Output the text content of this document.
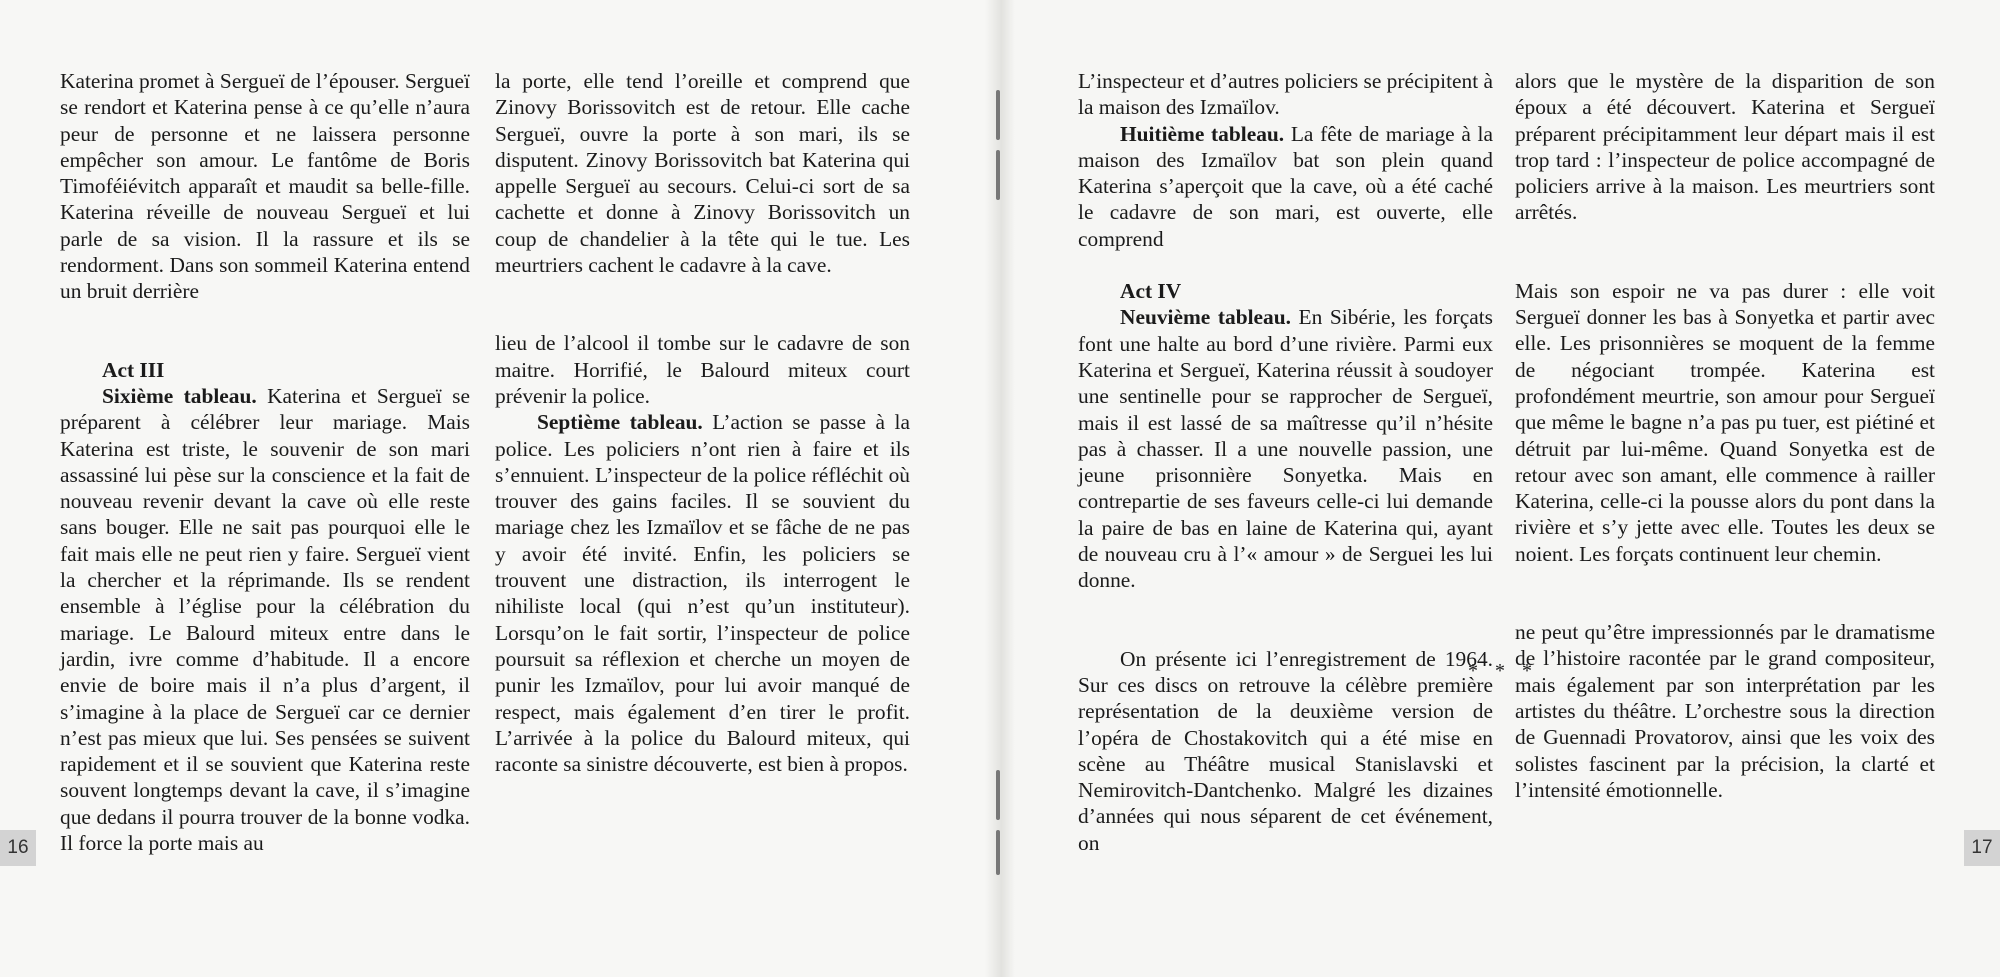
Katerina promet à Sergueï de l’épouser. Sergueï se rendort et Katerina pense à ce qu’elle n’aura peur de personne et ne laissera personne empêcher son amour. Le fantôme de Boris Timoféiévitch apparaît et maudit sa belle-fille. Katerina réveille de nouveau Sergueï et lui parle de sa vision. Il la rassure et ils se rendorment. Dans son sommeil Katerina entend un bruit derrière

Act III

Sixième tableau. Katerina et Sergueï se préparent à célébrer leur mariage. Mais Katerina est triste, le souvenir de son mari assassiné lui pèse sur la conscience et la fait de nouveau revenir devant la cave où elle reste sans bouger. Elle ne sait pas pourquoi elle le fait mais elle ne peut rien y faire. Sergueï vient la chercher et la réprimande. Ils se rendent ensemble à l’église pour la célébration du mariage. Le Balourd miteux entre dans le jardin, ivre comme d’habitude. Il a encore envie de boire mais il n’a plus d’argent, il s’imagine à la place de Sergueï car ce dernier n’est pas mieux que lui. Ses pensées se suivent rapidement et il se souvient que Katerina reste souvent longtemps devant la cave, il s’imagine que dedans il pourra trouver de la bonne vodka. Il force la porte mais au

la porte, elle tend l’oreille et comprend que Zinovy Borissovitch est de retour. Elle cache Sergueï, ouvre la porte à son mari, ils se disputent. Zinovy Borissovitch bat Katerina qui appelle Sergueï au secours. Celui-ci sort de sa cachette et donne à Zinovy Borissovitch un coup de chandelier à la tête qui le tue. Les meurtriers cachent le cadavre à la cave.

lieu de l’alcool il tombe sur le cadavre de son maitre. Horrifié, le Balourd miteux court prévenir la police.

Septième tableau. L’action se passe à la police. Les policiers n’ont rien à faire et ils s’ennuient. L’inspecteur de la police réfléchit où trouver des gains faciles. Il se souvient du mariage chez les Izmaïlov et se fâche de ne pas y avoir été invité. Enfin, les policiers se trouvent une distraction, ils interrogent le nihiliste local (qui n’est qu’un instituteur). Lorsqu’on le fait sortir, l’inspecteur de police poursuit sa réflexion et cherche un moyen de punir les Izmaïlov, pour lui avoir manqué de respect, mais également d’en tirer le profit. L’arrivée à la police du Balourd miteux, qui raconte sa sinistre découverte, est bien à propos.

16

L’inspecteur et d’autres policiers se précipitent à la maison des Izmaïlov.

Huitième tableau. La fête de mariage à la maison des Izmaïlov bat son plein quand Katerina s’aperçoit que la cave, où a été caché le cadavre de son mari, est ouverte, elle comprend

Act IV

Neuvième tableau. En Sibérie, les forçats font une halte au bord d’une rivière. Parmi eux Katerina et Sergueï, Katerina réussit à soudoyer une sentinelle pour se rapprocher de Sergueï, mais il est lassé de sa maîtresse qu’il n’hésite pas à chasser. Il a une nouvelle passion, une jeune prisonnière Sonyetka. Mais en contrepartie de ses faveurs celle-ci lui demande la paire de bas en laine de Katerina qui, ayant de nouveau cru à l’« amour » de Serguei les lui donne.

On présente ici l’enregistrement de 1964. Sur ces discs on retrouve la célèbre première représentation de la deuxième version de l’opéra de Chostakovitch qui a été mise en scène au Théâtre musical Stanislavski et Nemirovitch-Dantchenko. Malgré les dizaines d’années qui nous séparent de cet événement, on

alors que le mystère de la disparition de son époux a été découvert. Katerina et Sergueï préparent précipitamment leur départ mais il est trop tard : l’inspecteur de police accompagné de policiers arrive à la maison. Les meurtriers sont arrêtés.

Mais son espoir ne va pas durer : elle voit Sergueï donner les bas à Sonyetka et partir avec elle. Les prisonnières se moquent de la femme de négociant trompée. Katerina est profondément meurtrie, son amour pour Sergueï que même le bagne n’a pas pu tuer, est piétiné et détruit par lui-même. Quand Sonyetka est de retour avec son amant, elle commence à railler Katerina, celle-ci la pousse alors du pont dans la rivière et s’y jette avec elle. Toutes les deux se noient. Les forçats continuent leur chemin.

ne peut qu’être impressionnés par le dramatisme de l’histoire racontée par le grand compositeur, mais également par son interprétation par les artistes du théâtre. L’orchestre sous la direction de Guennadi Provatorov, ainsi que les voix des solistes fascinent par la précision, la clarté et l’intensité émotionnelle.

* * *
17
